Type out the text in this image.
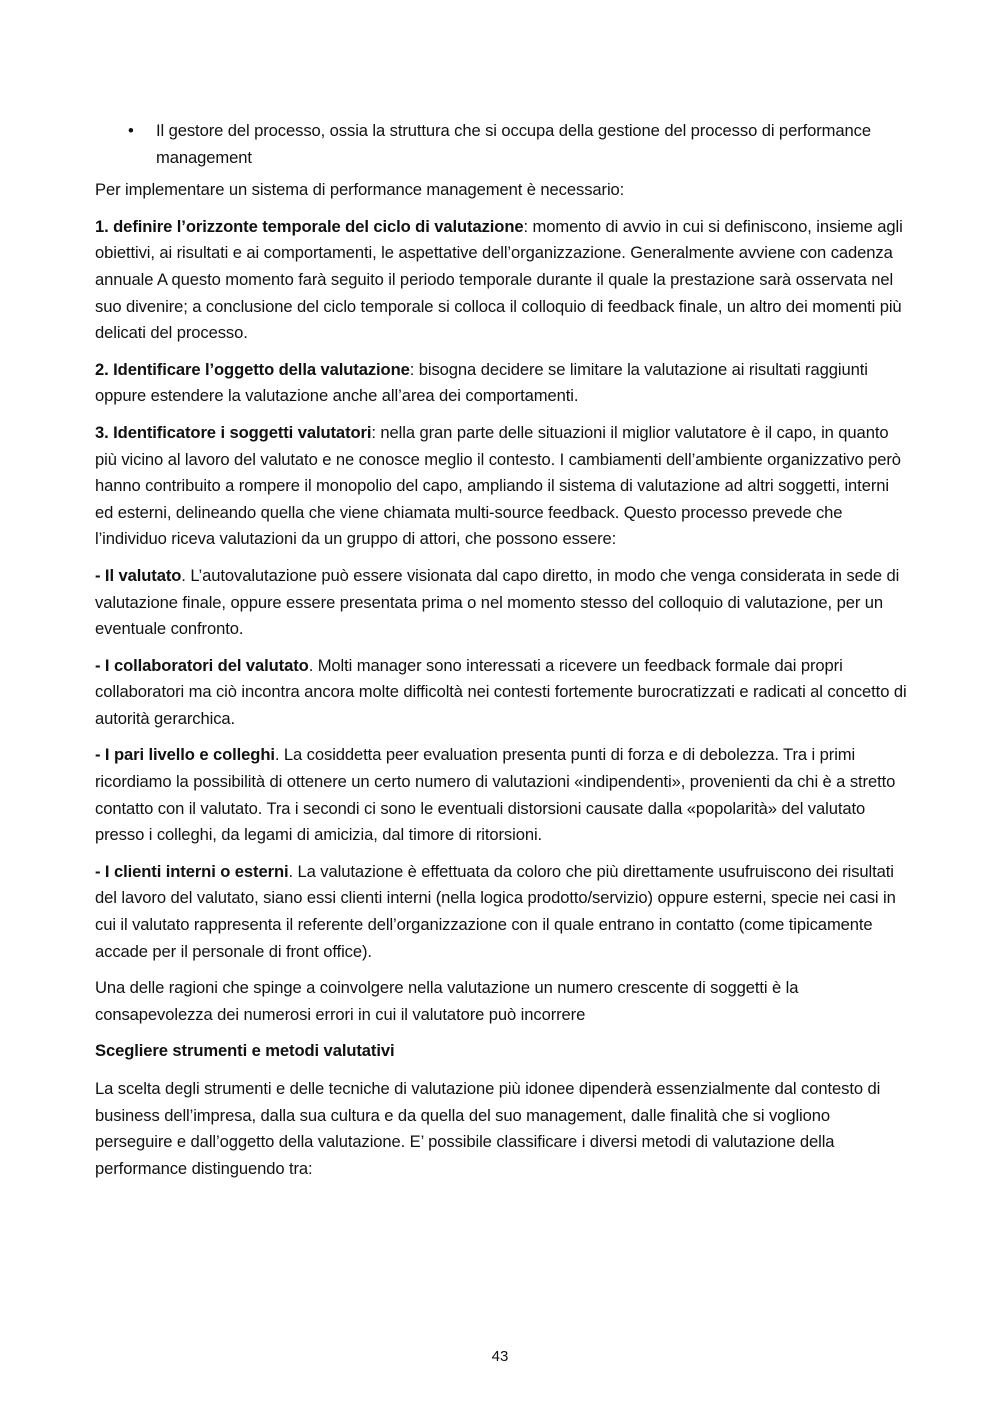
•	Il gestore del processo, ossia la struttura che si occupa della gestione del processo di performance management

Per implementare un sistema di performance management è necessario:

1. definire l’orizzonte temporale del ciclo di valutazione: momento di avvio in cui si definiscono, insieme agli obiettivi, ai risultati e ai comportamenti, le aspettative dell’organizzazione. Generalmente avviene con cadenza annuale A questo momento farà seguito il periodo temporale durante il quale la prestazione sarà osservata nel suo divenire; a conclusione del ciclo temporale si colloca il colloquio di feedback finale, un altro dei momenti più delicati del processo.

2. Identificare l’oggetto della valutazione: bisogna decidere se limitare la valutazione ai risultati raggiunti oppure estendere la valutazione anche all’area dei comportamenti.

3. Identificatore i soggetti valutatori: nella gran parte delle situazioni il miglior valutatore è il capo, in quanto più vicino al lavoro del valutato e ne conosce meglio il contesto. I cambiamenti dell’ambiente organizzativo però hanno contribuito a rompere il monopolio del capo, ampliando il sistema di valutazione ad altri soggetti, interni ed esterni, delineando quella che viene chiamata multi-source feedback. Questo processo prevede che l’individuo riceva valutazioni da un gruppo di attori, che possono essere:

- Il valutato. L’autovalutazione può essere visionata dal capo diretto, in modo che venga considerata in sede di valutazione finale, oppure essere presentata prima o nel momento stesso del colloquio di valutazione, per un eventuale confronto.

- I collaboratori del valutato. Molti manager sono interessati a ricevere un feedback formale dai propri collaboratori ma ciò incontra ancora molte difficoltà nei contesti fortemente burocratizzati e radicati al concetto di autorità gerarchica.

- I pari livello e colleghi. La cosiddetta peer evaluation presenta punti di forza e di debolezza. Tra i primi ricordiamo la possibilità di ottenere un certo numero di valutazioni «indipendenti», provenienti da chi è a stretto contatto con il valutato. Tra i secondi ci sono le eventuali distorsioni causate dalla «popolarità» del valutato presso i colleghi, da legami di amicizia, dal timore di ritorsioni.

- I clienti interni o esterni. La valutazione è effettuata da coloro che più direttamente usufruiscono dei risultati del lavoro del valutato, siano essi clienti interni (nella logica prodotto/servizio) oppure esterni, specie nei casi in cui il valutato rappresenta il referente dell’organizzazione con il quale entrano in contatto (come tipicamente accade per il personale di front office).

Una delle ragioni che spinge a coinvolgere nella valutazione un numero crescente di soggetti è la consapevolezza dei numerosi errori in cui il valutatore può incorrere

Scegliere strumenti e metodi valutativi

La scelta degli strumenti e delle tecniche di valutazione più idonee dipenderà essenzialmente dal contesto di business dell’impresa, dalla sua cultura e da quella del suo management, dalle finalità che si vogliono perseguire e dall’oggetto della valutazione. E’ possibile classificare i diversi metodi di valutazione della performance distinguendo tra:

43
